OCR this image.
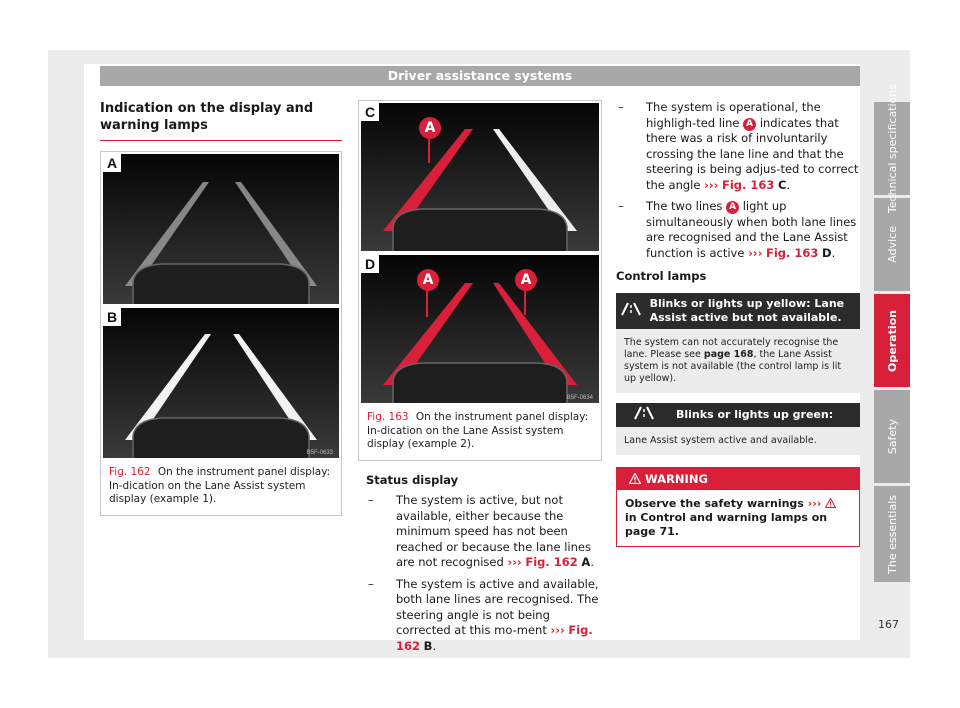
Driver assistance systems
Indication on the display and warning lamps
A
B
B5F-0633
Fig. 162 On the instrument panel display: In-dication on the Lane Assist system display (example 1).
C
D
A
A	A
B5F-0634
Fig. 163 On the instrument panel display: In-dication on the Lane Assist system display (example 2).
Status display
– The system is active, but not available, either because the minimum speed has not been reached or because the lane lines are not recognised ››› Fig. 162 A.
– The system is active and available, both lane lines are recognised. The steering angle is not being corrected at this mo-ment ››› Fig. 162 B.
– The system is operational, the highligh-ted line A indicates that there was a risk of involuntarily crossing the lane line and that the steering is being adjus-ted to correct the angle ››› Fig. 163 C.
– The two lines A light up simultaneously when both lane lines are recognised and the Lane Assist function is active ››› Fig. 163 D.
Control lamps
Blinks or lights up yellow: Lane Assist active but not available.
The system can not accurately recognise the lane. Please see page 168, the Lane Assist system is not available (the control lamp is lit up yellow).
Blinks or lights up green:
Lane Assist system active and available.
WARNING
Observe the safety warnings ›››  in Control and warning lamps on page 71.
Technical specifications
Advice
Operation
Safety
The essentials
167
